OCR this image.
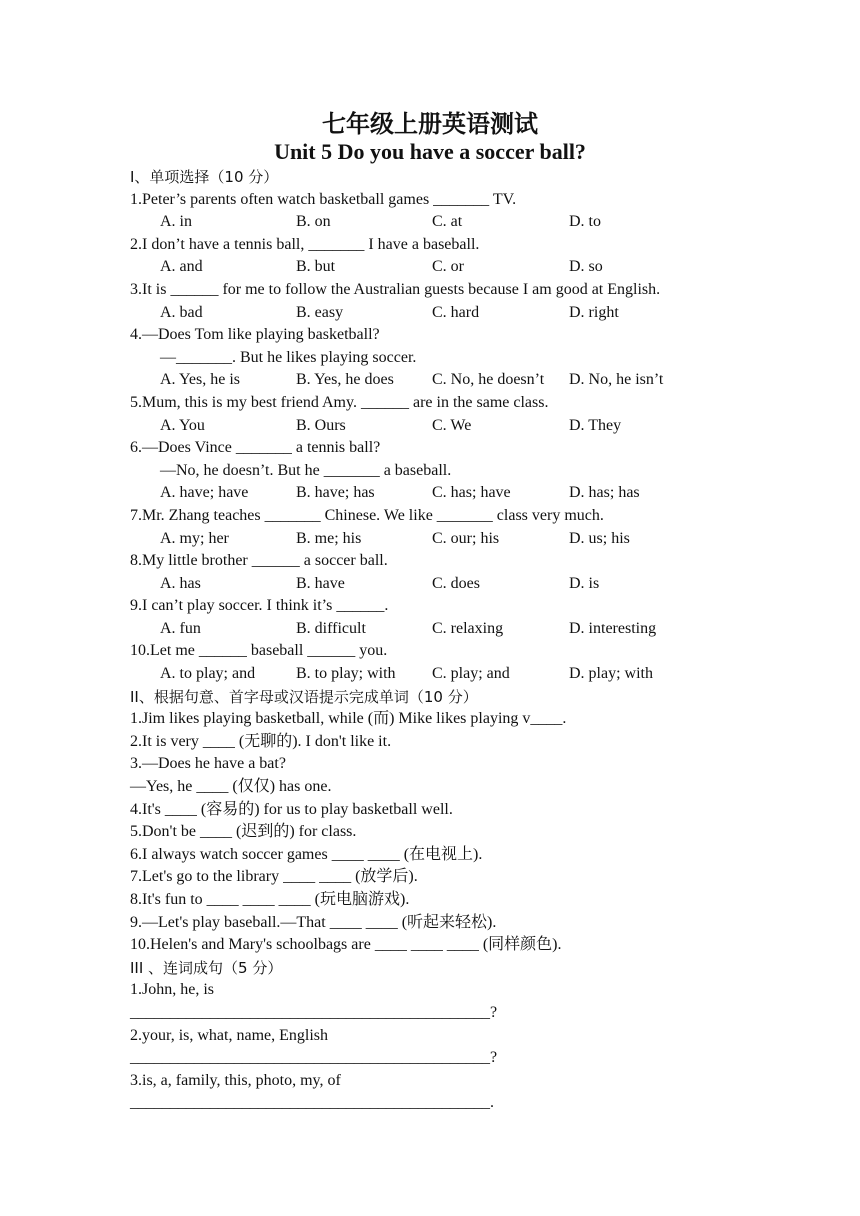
七年级上册英语测试
Unit 5 Do you have a soccer ball?
I、单项选择（10 分）
1.Peter’s parents often watch basketball games _______ TV.
A. in	B. on	C. at	D. to
2.I don’t have a tennis ball, _______ I have a baseball.
A. and	B. but	C. or	D. so
3.It is ______ for me to follow the Australian guests because I am good at English.
A. bad	B. easy	C. hard	D. right
4.—Does Tom like playing basketball?
—_______. But he likes playing soccer.
A. Yes, he is	B. Yes, he does C. No, he doesn’t D. No, he isn’t
5.Mum, this is my best friend Amy. ______ are in the same class.
A. You	B. Ours	C. We	D. They
6.—Does Vince _______ a tennis ball?
—No, he doesn’t. But he _______ a baseball.
A. have; have	B. have; has	C. has; have	D. has; has
7.Mr. Zhang teaches _______ Chinese. We like _______ class very much.
A. my; her	B. me; his	C. our; his	D. us; his
8.My little brother ______ a soccer ball.
A. has	B. have	C. does	D. is
9.I can’t play soccer. I think it’s ______.
A. fun	B. difficult	C. relaxing	D. interesting
10.Let me ______ baseball ______ you.
A. to play; and	B. to play; with C. play; and	D. play; with
II、根据句意、首字母或汉语提示完成单词（10 分）
1.Jim likes playing basketball, while (而) Mike likes playing v____.
2.It is very ____ (无聊的). I don't like it.
3.—Does he have a bat?
—Yes, he ____ (仅仅) has one.
4.It's ____ (容易的) for us to play basketball well.
5.Don't be ____ (迟到的) for class.
6.I always watch soccer games ____ ____ (在电视上).
7.Let's go to the library ____ ____ (放学后).
8.It's fun to ____ ____ ____ (玩电脑游戏).
9.—Let's play baseball.—That ____ ____ (听起来轻松).
10.Helen's and Mary's schoolbags are ____ ____ ____ (同样颜色).
III 、连词成句（5 分）
1.John, he, is
_____________________________________________?
2.your, is, what, name, English
_____________________________________________?
3.is, a, family, this, photo, my, of
_____________________________________________.
